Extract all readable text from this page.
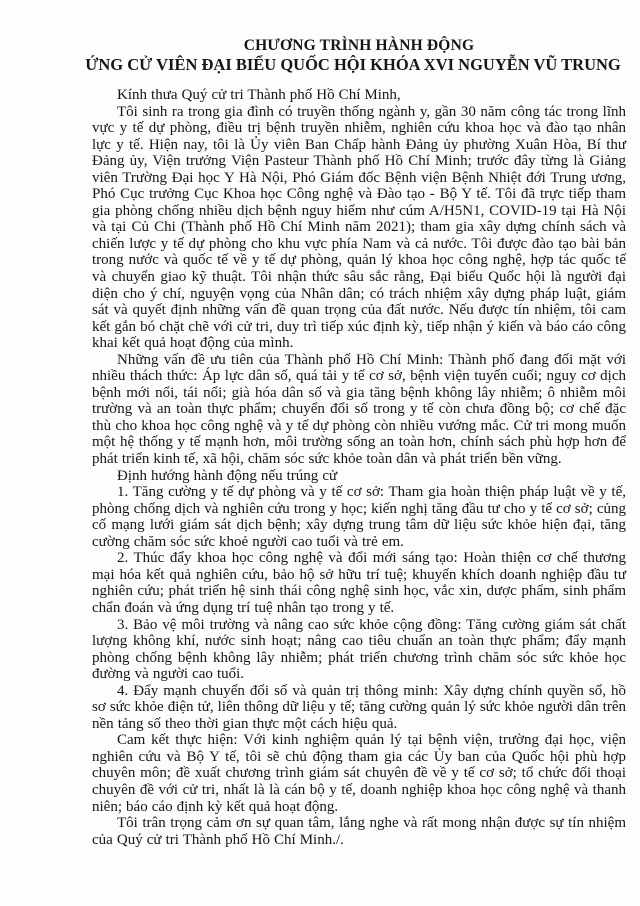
CHƯƠNG TRÌNH HÀNH ĐỘNG
ỨNG CỬ VIÊN ĐẠI BIỂU QUỐC HỘI KHÓA XVI NGUYỄN VŨ TRUNG

Kính thưa Quý cử tri Thành phố Hồ Chí Minh,

Tôi sinh ra trong gia đình có truyền thống ngành y, gần 30 năm công tác trong lĩnh vực y tế dự phòng, điều trị bệnh truyền nhiễm, nghiên cứu khoa học và đào tạo nhân lực y tế. Hiện nay, tôi là Ủy viên Ban Chấp hành Đảng ủy phường Xuân Hòa, Bí thư Đảng ủy, Viện trưởng Viện Pasteur Thành phố Hồ Chí Minh; trước đây từng là Giảng viên Trường Đại học Y Hà Nội, Phó Giám đốc Bệnh viện Bệnh Nhiệt đới Trung ương, Phó Cục trưởng Cục Khoa học Công nghệ và Đào tạo - Bộ Y tế. Tôi đã trực tiếp tham gia phòng chống nhiều dịch bệnh nguy hiểm như cúm A/H5N1, COVID-19 tại Hà Nội và tại Củ Chi (Thành phố Hồ Chí Minh năm 2021); tham gia xây dựng chính sách và chiến lược y tế dự phòng cho khu vực phía Nam và cả nước. Tôi được đào tạo bài bản trong nước và quốc tế về y tế dự phòng, quản lý khoa học công nghệ, hợp tác quốc tế và chuyển giao kỹ thuật. Tôi nhận thức sâu sắc rằng, Đại biểu Quốc hội là người đại diện cho ý chí, nguyện vọng của Nhân dân; có trách nhiệm xây dựng pháp luật, giám sát và quyết định những vấn đề quan trọng của đất nước. Nếu được tín nhiệm, tôi cam kết gắn bó chặt chẽ với cử tri, duy trì tiếp xúc định kỳ, tiếp nhận ý kiến và báo cáo công khai kết quả hoạt động của mình.

Những vấn đề ưu tiên của Thành phố Hồ Chí Minh: Thành phố đang đối mặt với nhiều thách thức: Áp lực dân số, quá tải y tế cơ sở, bệnh viện tuyến cuối; nguy cơ dịch bệnh mới nổi, tái nổi; già hóa dân số và gia tăng bệnh không lây nhiễm; ô nhiễm môi trường và an toàn thực phẩm; chuyển đổi số trong y tế còn chưa đồng bộ; cơ chế đặc thù cho khoa học công nghệ và y tế dự phòng còn nhiều vướng mắc. Cử tri mong muốn một hệ thống y tế mạnh hơn, môi trường sống an toàn hơn, chính sách phù hợp hơn để phát triển kinh tế, xã hội, chăm sóc sức khỏe toàn dân và phát triển bền vững.

Định hướng hành động nếu trúng cử

1. Tăng cường y tế dự phòng và y tế cơ sở: Tham gia hoàn thiện pháp luật về y tế, phòng chống dịch và nghiên cứu trong y học; kiến nghị tăng đầu tư cho y tế cơ sở; củng cố mạng lưới giám sát dịch bệnh; xây dựng trung tâm dữ liệu sức khỏe hiện đại, tăng cường chăm sóc sức khoẻ người cao tuổi và trẻ em.

2. Thúc đẩy khoa học công nghệ và đổi mới sáng tạo: Hoàn thiện cơ chế thương mại hóa kết quả nghiên cứu, bảo hộ sở hữu trí tuệ; khuyến khích doanh nghiệp đầu tư nghiên cứu; phát triển hệ sinh thái công nghệ sinh học, vắc xin, dược phẩm, sinh phẩm chẩn đoán và ứng dụng trí tuệ nhân tạo trong y tế.

3. Bảo vệ môi trường và nâng cao sức khỏe cộng đồng: Tăng cường giám sát chất lượng không khí, nước sinh hoạt; nâng cao tiêu chuẩn an toàn thực phẩm; đẩy mạnh phòng chống bệnh không lây nhiễm; phát triển chương trình chăm sóc sức khỏe học đường và người cao tuổi.

4. Đẩy mạnh chuyển đổi số và quản trị thông minh: Xây dựng chính quyền số, hồ sơ sức khỏe điện tử, liên thông dữ liệu y tế; tăng cường quản lý sức khỏe người dân trên nền tảng số theo thời gian thực một cách hiệu quả.

Cam kết thực hiện: Với kinh nghiệm quản lý tại bệnh viện, trường đại học, viện nghiên cứu và Bộ Y tế, tôi sẽ chủ động tham gia các Ủy ban của Quốc hội phù hợp chuyên môn; đề xuất chương trình giám sát chuyên đề về y tế cơ sở; tổ chức đối thoại chuyên đề với cử tri, nhất là là cán bộ y tế, doanh nghiệp khoa học công nghệ và thanh niên; báo cáo định kỳ kết quả hoạt động.

Tôi trân trọng cảm ơn sự quan tâm, lắng nghe và rất mong nhận được sự tín nhiệm của Quý cử tri Thành phố Hồ Chí Minh./.
